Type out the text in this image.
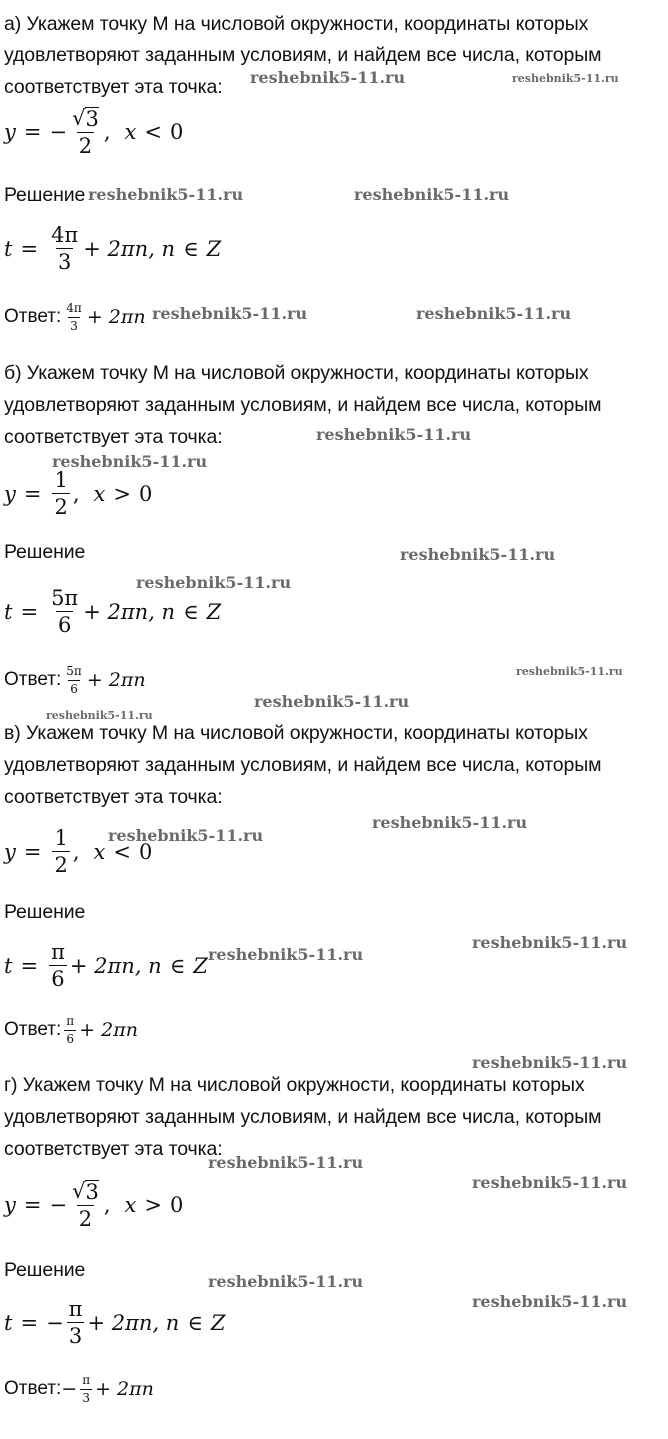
а) Укажем точку M на числовой окружности, координаты которых
удовлетворяют заданным условиям, и найдем все числа, которым
соответствует эта точка:
y = − $\frac{√ 3}{2}$ , x < 0
Решение
$t = \frac{4\pi}{3} + 2\pi n$, n ∈ Z
Ответ: $\frac{4\pi}{3} + 2\pi n$
б) Укажем точку M на числовой окружности, координаты которых
удовлетворяют заданным условиям, и найдем все числа, которым
соответствует эта точка:
$y = \frac{1}{2}$ , x > 0
Решение
$t = \frac{5\pi}{6} + 2\pi n$, n ∈ Z
Ответ: $\frac{5\pi}{6} + 2\pi n$
в) Укажем точку M на числовой окружности, координаты которых
удовлетворяют заданным условиям, и найдем все числа, которым
соответствует эта точка:
$y = \frac{1}{2}$ , x < 0
Решение
$t = \frac{\pi}{6} + 2\pi n$, n ∈ Z
Ответ: $\frac{\pi}{6} + 2\pi n$
г) Укажем точку M на числовой окружности, координаты которых
удовлетворяют заданным условиям, и найдем все числа, которым
соответствует эта точка:
y = − $\frac{√ 3}{2}$ , x > 0
Решение
t = − $\frac{\pi}{3} + 2\pi n$, n ∈ Z
Ответ: − $\frac{\pi}{3} + 2\pi n$
reshebnik5-11.ru	reshebnik5-11.ru
reshebnik5-11.ru	reshebnik5-11.ru
reshebnik5-11.ru	reshebnik5-11.ru
reshebnik5-11.ru
reshebnik5-11.ru
reshebnik5-11.ru
reshebnik5-11.ru
reshebnik5-11.ru
reshebnik5-11.ru
reshebnik5-11.ru
reshebnik5-11.ru
reshebnik5-11.ru
reshebnik5-11.ru
reshebnik5-11.ru
reshebnik5-11.ru
reshebnik5-11.ru
reshebnik5-11.ru
reshebnik5-11.ru
reshebnik5-11.ru
